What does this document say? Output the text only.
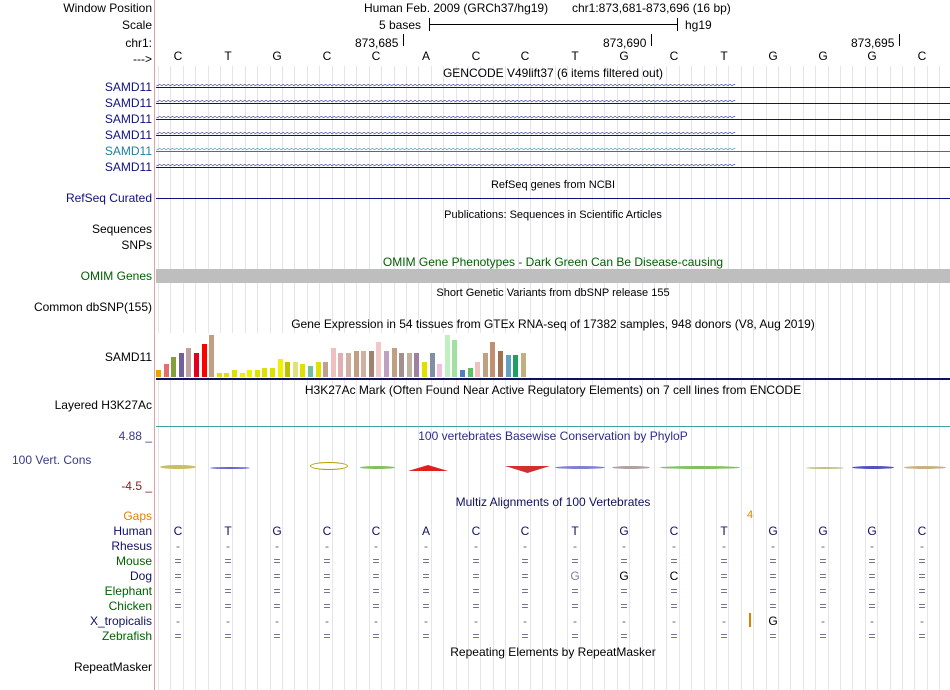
Window Position	Human Feb. 2009 (GRCh37/hg19) chr1:873,681-873,696 (16 bp)
Scale	5 bases	hg19
chr1:	873,685	873,690	873,695
--->	C	T	G	C	C	A	C	C	T	G	C	T	G	G	G	C
GENCODE V49lift37 (6 items filtered out)
SAMD11
SAMD11
SAMD11
SAMD11
SAMD11
SAMD11
RefSeq genes from NCBI
RefSeq Curated
Publications: Sequences in Scientific Articles
Sequences
SNPs
OMIM Gene Phenotypes - Dark Green Can Be Disease-causing
OMIM Genes
Short Genetic Variants from dbSNP release 155
Common dbSNP(155)
Gene Expression in 54 tissues from GTEx RNA-seq of 17382 samples, 948 donors (V8, Aug 2019)
SAMD11
H3K27Ac Mark (Often Found Near Active Regulatory Elements) on 7 cell lines from ENCODE
Layered H3K27Ac
100 vertebrates Basewise Conservation by PhyloP
4.88 _
100 Vert. Cons
-4.5 _
Multiz Alignments of 100 Vertebrates
Gaps	4
Human	C	T	G	C	C	A	C	C	T	G	C	T	G	G	G	C
Rhesus	-	-	-	-	-	-	-	-	-	-	-	-	-	-	-	-
Mouse	=	=	=	=	=	=	=	=	=	=	=	=	=	=	=	=
Dog	=	=	=	=	=	=	=	=	G	G	C	=	=	=	=	=
Elephant	=	=	=	=	=	=	=	=	=	=	=	=	=	=	=	=
Chicken	=	=	=	=	=	=	=	=	=	=	=	=	=	=	=	=
X_tropicalis	-	-	-	-	-	-	-	-	-	-	-	-	G	-	-	-
Zebrafish	=	=	=	=	=	=	=	=	=	=	=	=	=	=	=	=
Repeating Elements by RepeatMasker
RepeatMasker
